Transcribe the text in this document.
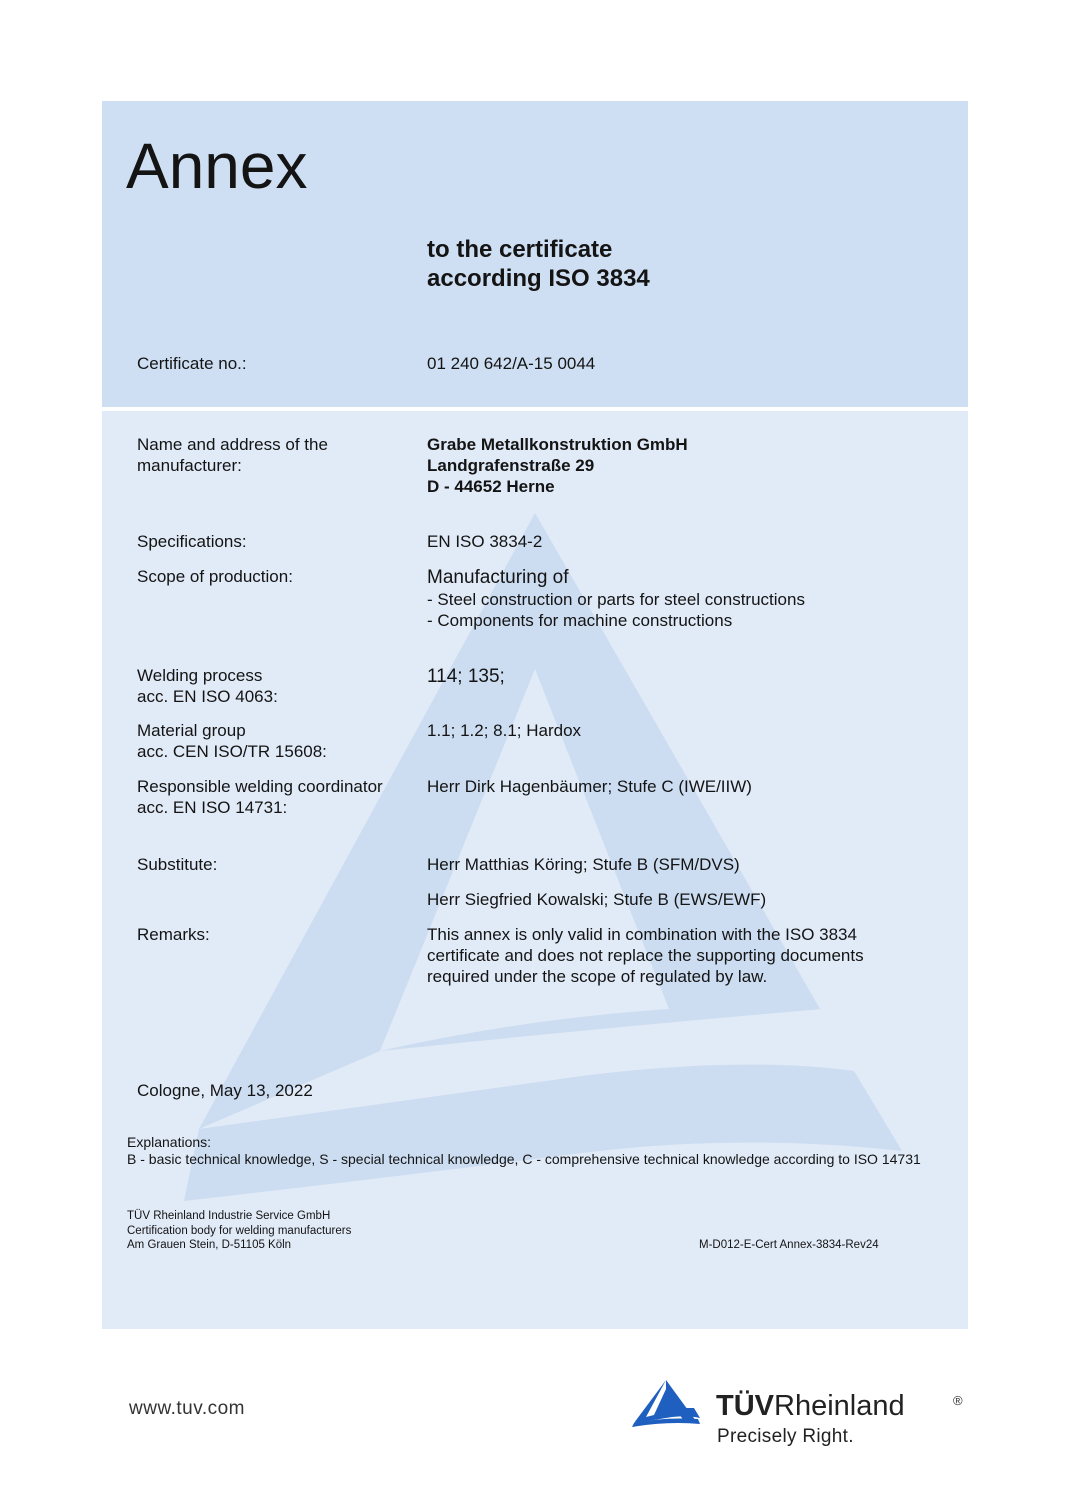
Annex
to the certificate
according ISO 3834
Certificate no.:	01 240 642/A-15 0044
Name and address of the
manufacturer:
Grabe Metallkonstruktion GmbH
Landgrafenstraße 29
D - 44652 Herne
Specifications:	EN ISO 3834-2
Scope of production:	Manufacturing of
- Steel construction or parts for steel constructions
- Components for machine constructions
Welding process
acc. EN ISO 4063:
114; 135;
Material group
acc. CEN ISO/TR 15608:
1.1; 1.2; 8.1; Hardox
Responsible welding coordinator
acc. EN ISO 14731:
Herr Dirk Hagenbäumer; Stufe C (IWE/IIW)
Substitute:	Herr Matthias Köring; Stufe B (SFM/DVS)
Herr Siegfried Kowalski; Stufe B (EWS/EWF)
Remarks:	This annex is only valid in combination with the ISO 3834
certificate and does not replace the supporting documents
required under the scope of regulated by law.
Cologne, May 13, 2022
Explanations:
B - basic technical knowledge, S - special technical knowledge, C - comprehensive technical knowledge according to ISO 14731
TÜV Rheinland Industrie Service GmbH
Certification body for welding manufacturers
Am Grauen Stein, D-51105 Köln	M-D012-E-Cert Annex-3834-Rev24
www.tuv.com	TÜVRheinland	®
Precisely Right.
